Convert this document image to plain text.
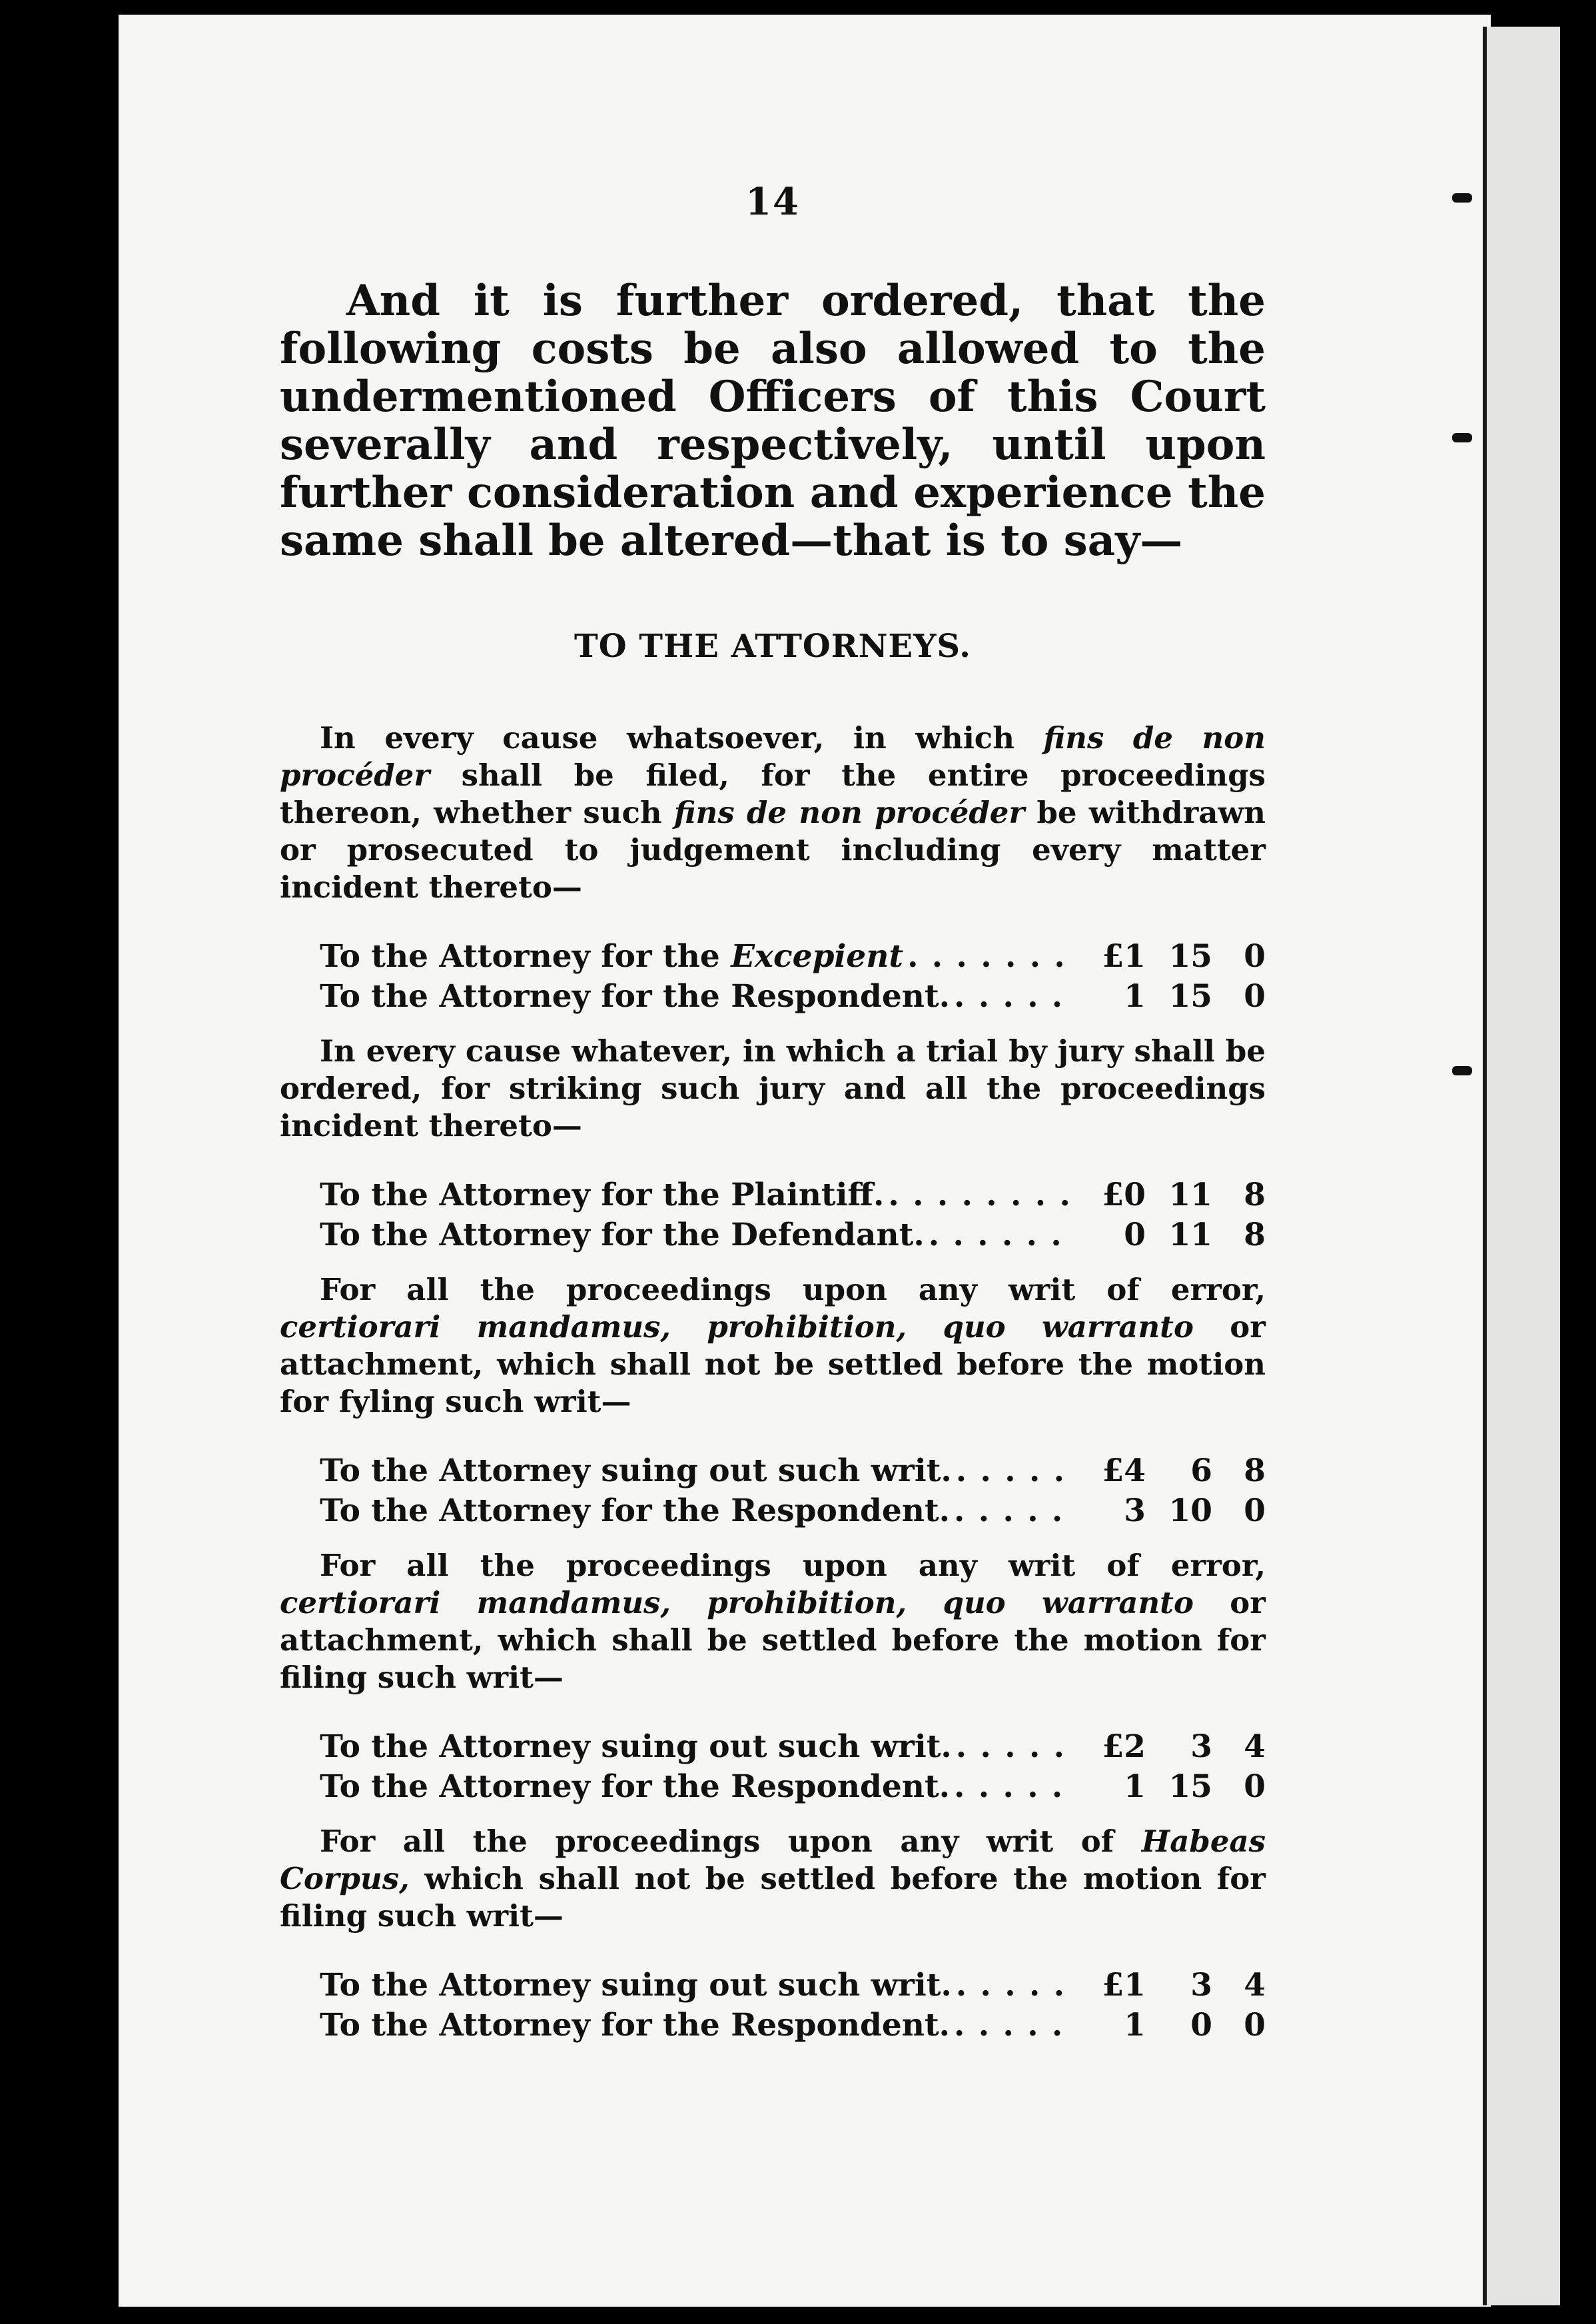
14

And it is further ordered, that the following costs be also allowed to the undermentioned Officers of this Court severally and respectively, until upon further consideration and experience the same shall be altered—that is to say—

TO THE ATTORNEYS.

In every cause whatsoever, in which fins de non procéder shall be filed, for the entire proceedings thereon, whether such fins de non procéder be withdrawn or prosecuted to judgement including every matter incident thereto—

To the Attorney for the Excepient . . .	£1 15	0
To the Attorney for the Respondent. . . .	1 15	0

In every cause whatever, in which a trial by jury shall be ordered, for striking such jury and all the proceedings incident thereto—

To the Attorney for the Plaintiff. . . .	£0 11	8
To the Attorney for the Defendant. . . .	0 11	8

For all the proceedings upon any writ of error, certiorari mandamus, prohibition, quo warranto or attachment, which shall not be settled before the motion for fyling such writ—

To the Attorney suing out such writ. . . .	£4	6	8
To the Attorney for the Respondent. . . .	3 10	0

For all the proceedings upon any writ of error, certiorari mandamus, prohibition, quo warranto or attachment, which shall be settled before the motion for filing such writ—

To the Attorney suing out such writ. . . .	£2	3	4
To the Attorney for the Respondent. . . .	1 15	0

For all the proceedings upon any writ of Habeas Corpus, which shall not be settled before the motion for filing such writ—

To the Attorney suing out such writ. . . .	£1	3	4
To the Attorney for the Respondent. . . .	1	0	0
